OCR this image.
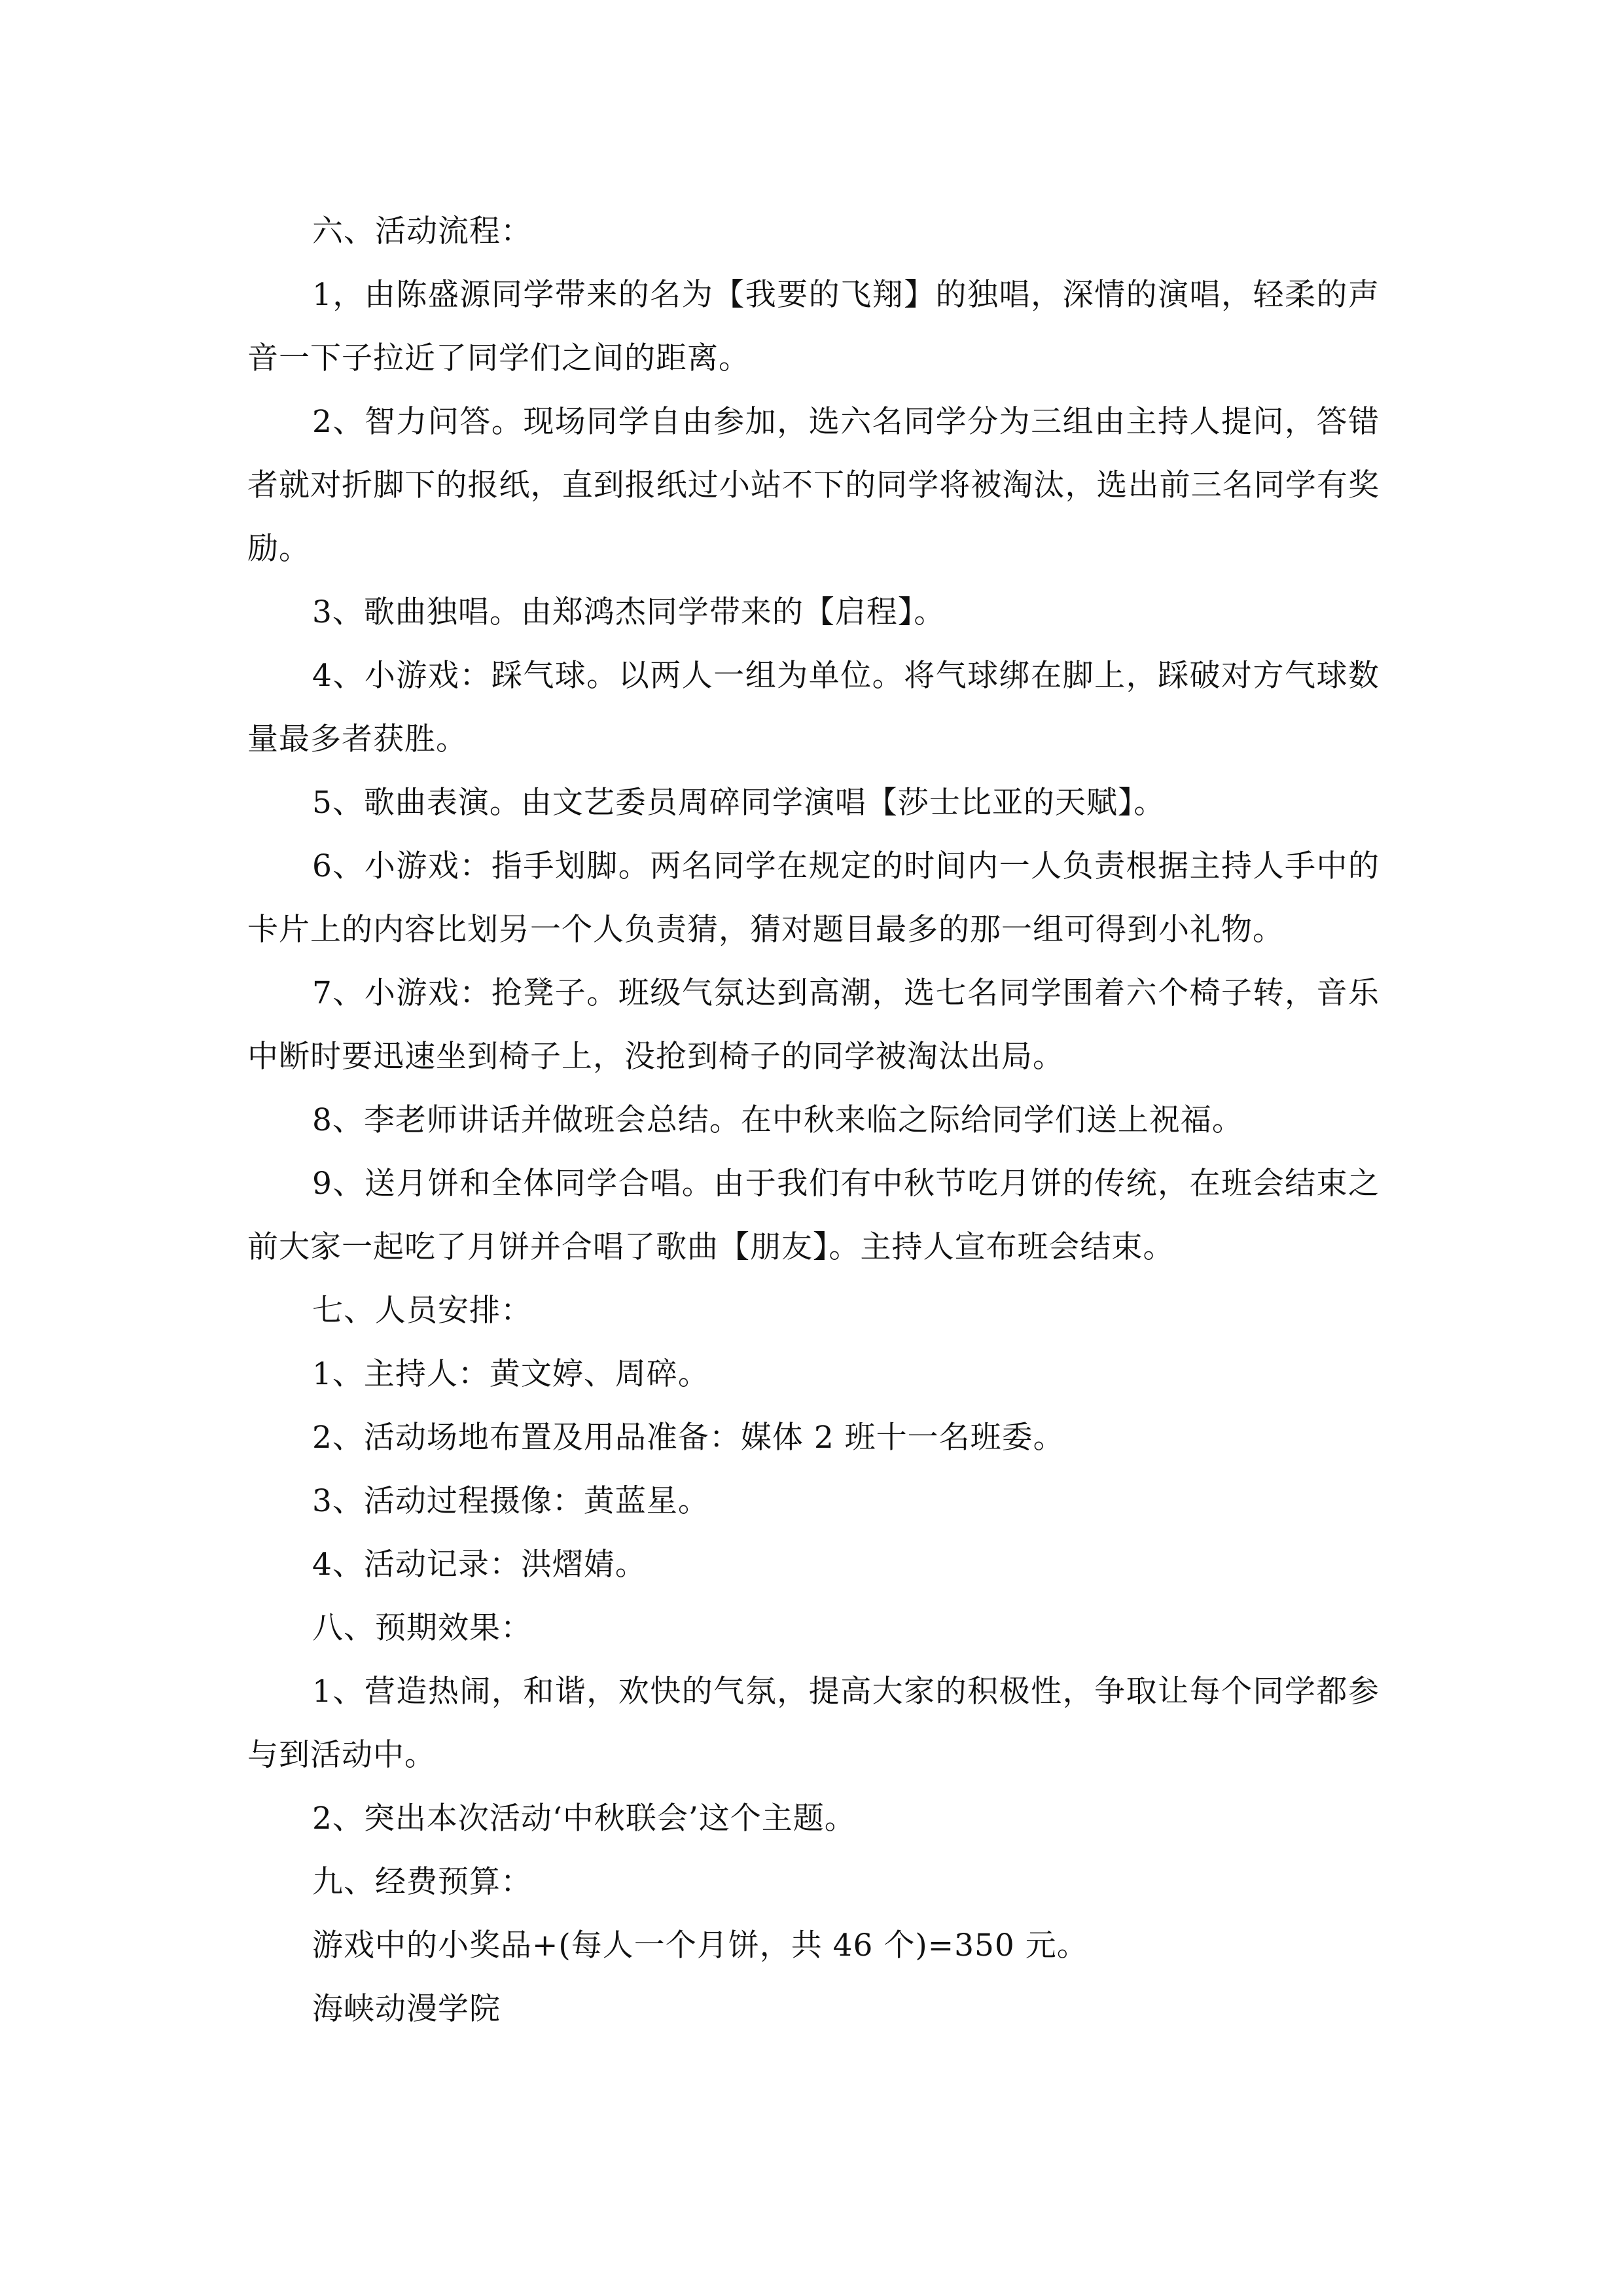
六、活动流程：

1，由陈盛源同学带来的名为【我要的飞翔】的独唱，深情的演唱，轻柔的声音一下子拉近了同学们之间的距离。

2、智力问答。现场同学自由参加，选六名同学分为三组由主持人提问，答错者就对折脚下的报纸，直到报纸过小站不下的同学将被淘汰，选出前三名同学有奖励。

3、歌曲独唱。由郑鸿杰同学带来的【启程】。

4、小游戏：踩气球。以两人一组为单位。将气球绑在脚上，踩破对方气球数量最多者获胜。

5、歌曲表演。由文艺委员周碎同学演唱【莎士比亚的天赋】。

6、小游戏：指手划脚。两名同学在规定的时间内一人负责根据主持人手中的卡片上的内容比划另一个人负责猜，猜对题目最多的那一组可得到小礼物。

7、小游戏：抢凳子。班级气氛达到高潮，选七名同学围着六个椅子转，音乐中断时要迅速坐到椅子上，没抢到椅子的同学被淘汰出局。

8、李老师讲话并做班会总结。在中秋来临之际给同学们送上祝福。

9、送月饼和全体同学合唱。由于我们有中秋节吃月饼的传统，在班会结束之前大家一起吃了月饼并合唱了歌曲【朋友】。主持人宣布班会结束。

七、人员安排：

1、主持人：黄文婷、周碎。

2、活动场地布置及用品准备：媒体 2 班十一名班委。

3、活动过程摄像：黄蓝星。

4、活动记录：洪熠婧。

八、预期效果：

1、营造热闹，和谐，欢快的气氛，提高大家的积极性，争取让每个同学都参与到活动中。

2、突出本次活动‘中秋联会’这个主题。

九、经费预算：

游戏中的小奖品+(每人一个月饼，共 46 个)=350 元。

海峡动漫学院
